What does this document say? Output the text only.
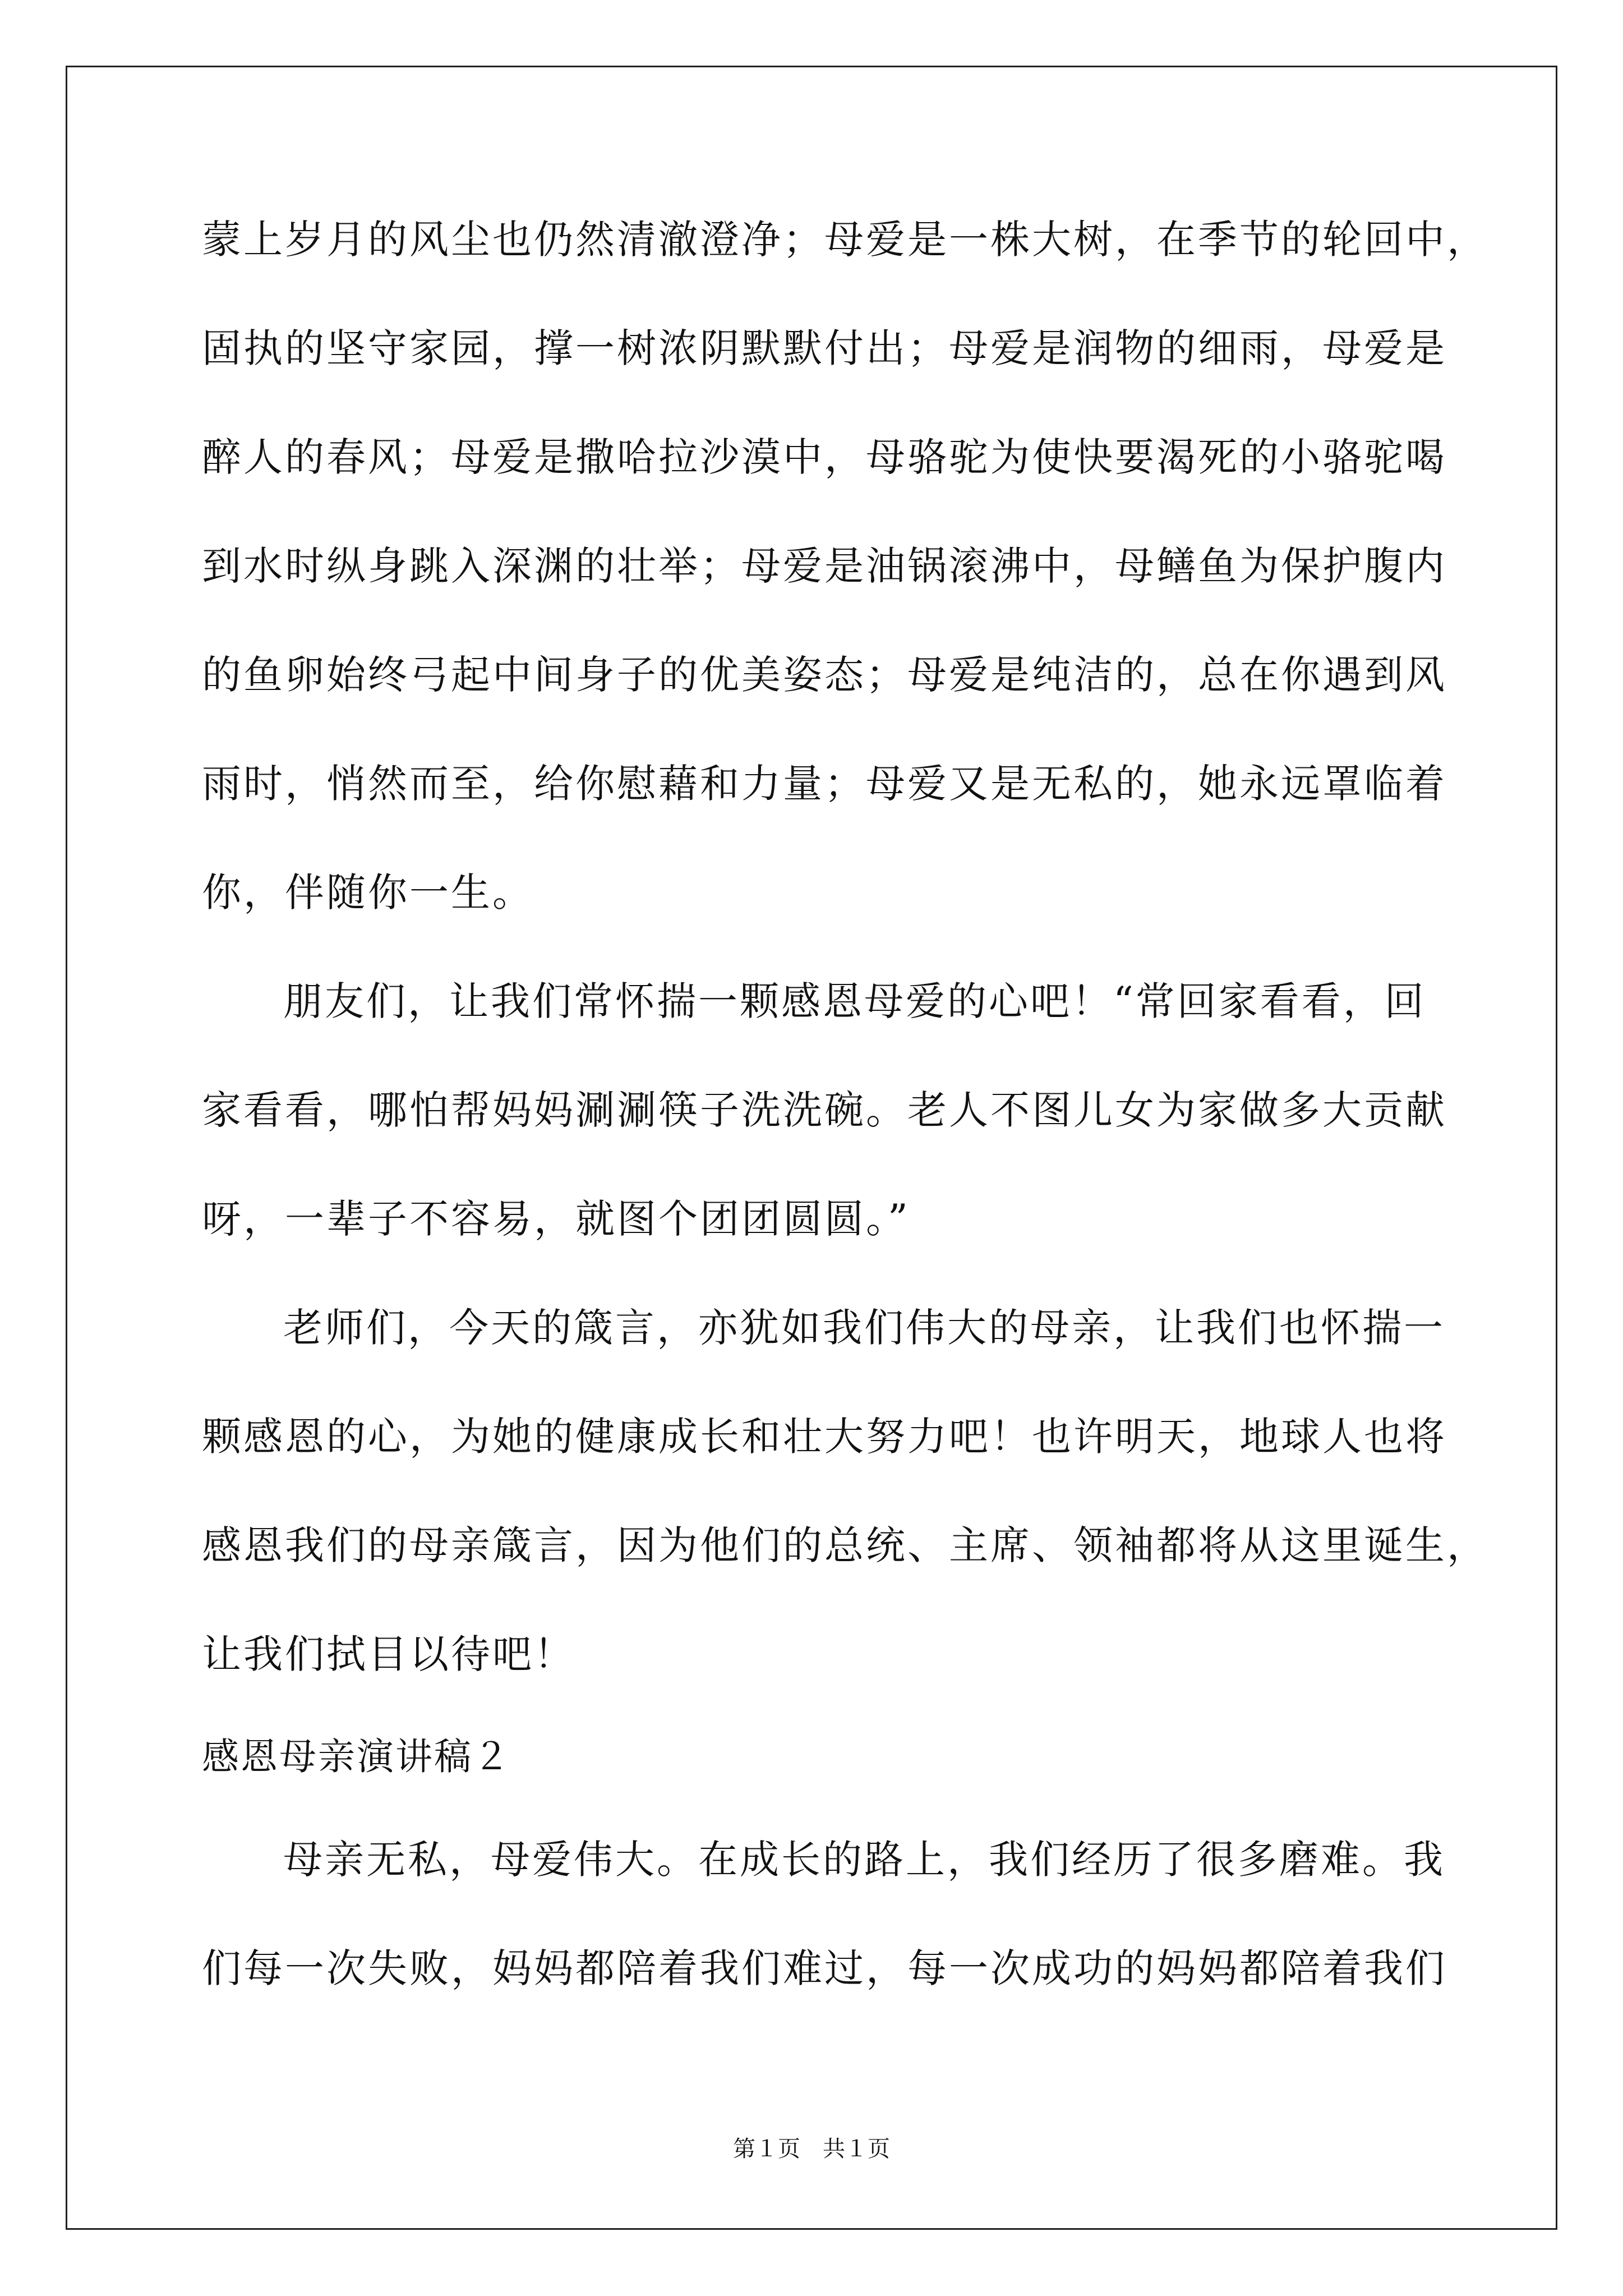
蒙上岁月的风尘也仍然清澈澄净；母爱是一株大树，在季节的轮回中，
固执的坚守家园，撑一树浓阴默默付出；母爱是润物的细雨，母爱是
醉人的春风；母爱是撒哈拉沙漠中，母骆驼为使快要渴死的小骆驼喝
到水时纵身跳入深渊的壮举；母爱是油锅滚沸中，母鳝鱼为保护腹内
的鱼卵始终弓起中间身子的优美姿态；母爱是纯洁的，总在你遇到风
雨时，悄然而至，给你慰藉和力量；母爱又是无私的，她永远罩临着
你，伴随你一生。
朋友们，让我们常怀揣一颗感恩母爱的心吧！“常回家看看，回
家看看，哪怕帮妈妈涮涮筷子洗洗碗。老人不图儿女为家做多大贡献
呀，一辈子不容易，就图个团团圆圆。”
老师们，今天的箴言，亦犹如我们伟大的母亲，让我们也怀揣一
颗感恩的心，为她的健康成长和壮大努力吧！也许明天，地球人也将
感恩我们的母亲箴言，因为他们的总统、主席、领袖都将从这里诞生，
让我们拭目以待吧！
感恩母亲演讲稿２
母亲无私，母爱伟大。在成长的路上，我们经历了很多磨难。我
们每一次失败，妈妈都陪着我们难过，每一次成功的妈妈都陪着我们
第１页　共１页
